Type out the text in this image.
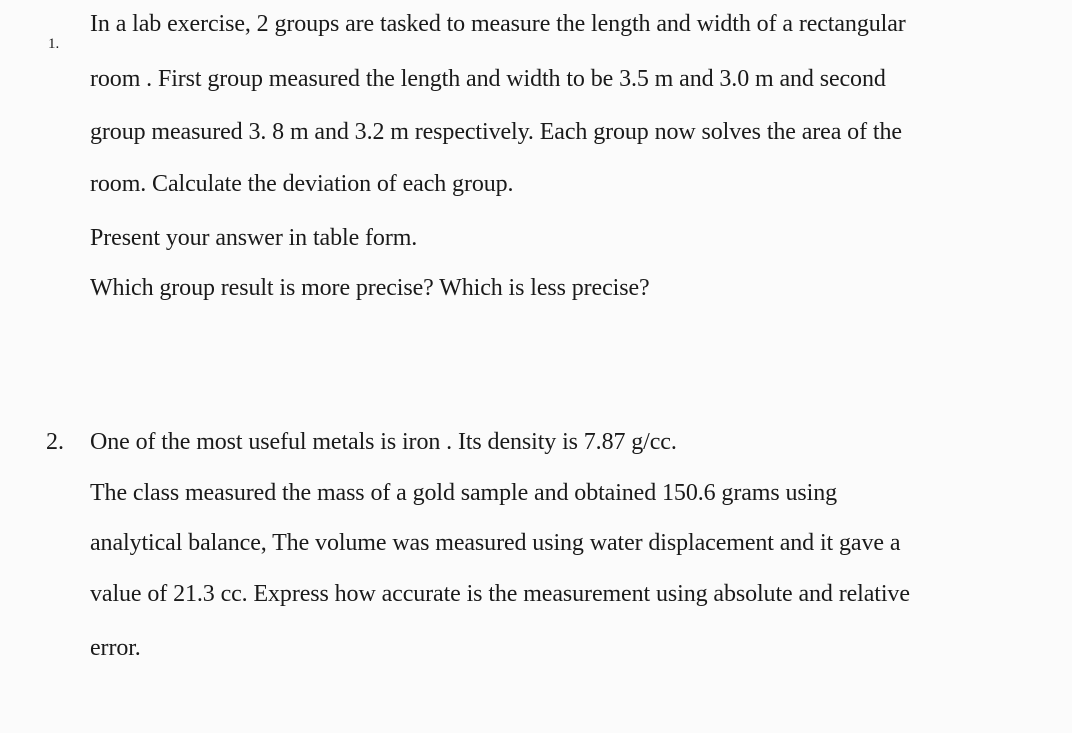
1.
In a lab exercise, 2 groups are tasked to measure the length and width of a rectangular
room . First group measured the length and width to be 3.5 m and 3.0 m and second
group measured 3. 8 m and 3.2 m respectively. Each group now solves the area of the
room. Calculate the deviation of each group.
Present your answer in table form.
Which group result is more precise? Which is less precise?
2. One of the most useful metals is iron . Its density is 7.87 g/cc.
The class measured the mass of a gold sample and obtained 150.6 grams using
analytical balance, The volume was measured using water displacement and it gave a
value of 21.3 cc. Express how accurate is the measurement using absolute and relative
error.
